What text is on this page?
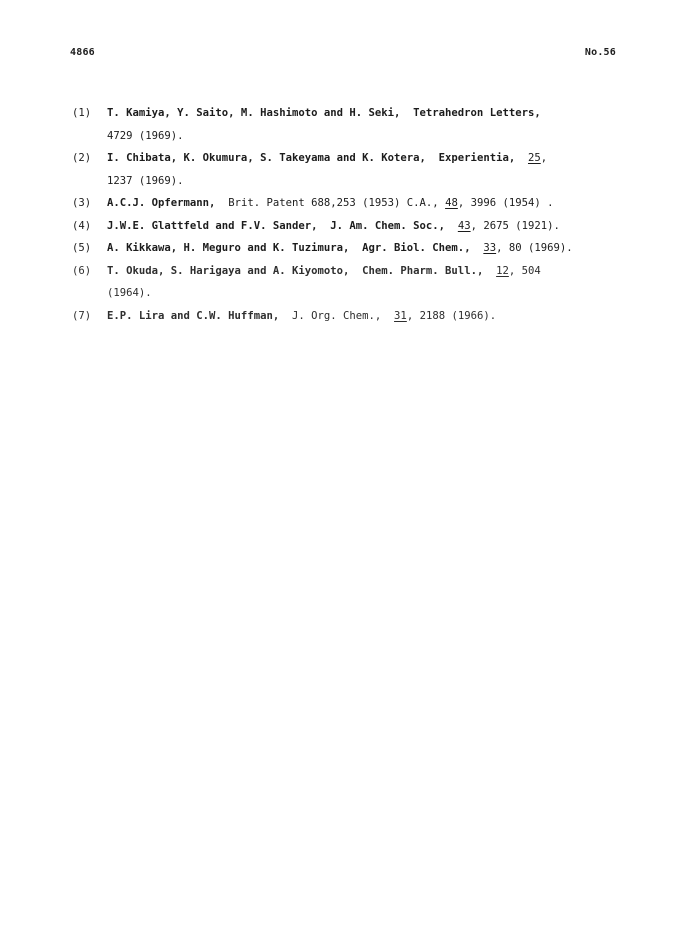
4866	No.56
(1) T. Kamiya, Y. Saito, M. Hashimoto and H. Seki, Tetrahedron Letters,
4729 (1969).
(2) I. Chibata, K. Okumura, S. Takeyama and K. Kotera, Experientia, 25,
1237 (1969).
(3) A.C.J. Opfermann, Brit. Patent 688,253 (1953) C.A., 48, 3996 (1954) .
(4) J.W.E. Glattfeld and F.V. Sander, J. Am. Chem. Soc., 43, 2675 (1921).
(5) A. Kikkawa, H. Meguro and K. Tuzimura, Agr. Biol. Chem., 33, 80 (1969).
(6) T. Okuda, S. Harigaya and A. Kiyomoto, Chem. Pharm. Bull., 12, 504
(1964).
(7) E.P. Lira and C.W. Huffman, J. Org. Chem., 31, 2188 (1966).
